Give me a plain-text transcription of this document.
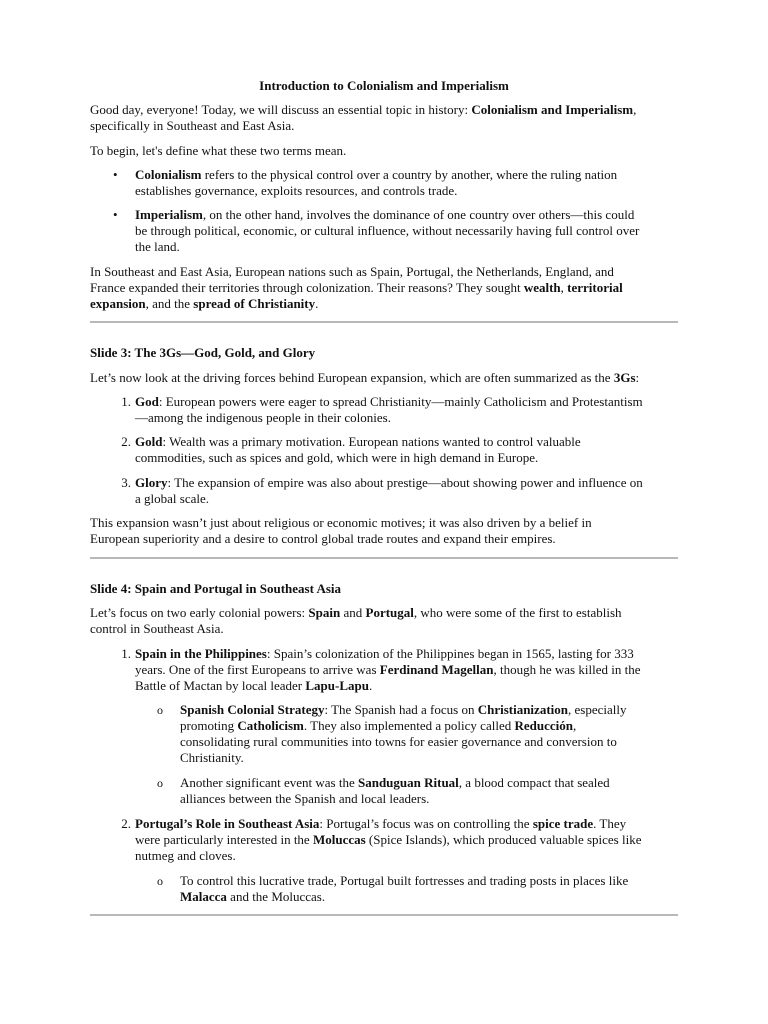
Introduction to Colonialism and Imperialism

Good day, everyone! Today, we will discuss an essential topic in history: Colonialism and Imperialism,
specifically in Southeast and East Asia.

To begin, let's define what these two terms mean.

• Colonialism refers to the physical control over a country by another, where the ruling nation
establishes governance, exploits resources, and controls trade.

• Imperialism, on the other hand, involves the dominance of one country over others—this could
be through political, economic, or cultural influence, without necessarily having full control over
the land.

In Southeast and East Asia, European nations such as Spain, Portugal, the Netherlands, England, and
France expanded their territories through colonization. Their reasons? They sought wealth, territorial
expansion, and the spread of Christianity.

Slide 3: The 3Gs—God, Gold, and Glory

Let’s now look at the driving forces behind European expansion, which are often summarized as the 3Gs:

1. God: European powers were eager to spread Christianity—mainly Catholicism and Protestantism
—among the indigenous people in their colonies.

2. Gold: Wealth was a primary motivation. European nations wanted to control valuable
commodities, such as spices and gold, which were in high demand in Europe.

3. Glory: The expansion of empire was also about prestige—about showing power and influence on
a global scale.

This expansion wasn’t just about religious or economic motives; it was also driven by a belief in
European superiority and a desire to control global trade routes and expand their empires.

Slide 4: Spain and Portugal in Southeast Asia

Let’s focus on two early colonial powers: Spain and Portugal, who were some of the first to establish
control in Southeast Asia.

1. Spain in the Philippines: Spain’s colonization of the Philippines began in 1565, lasting for 333
years. One of the first Europeans to arrive was Ferdinand Magellan, though he was killed in the
Battle of Mactan by local leader Lapu-Lapu.

o Spanish Colonial Strategy: The Spanish had a focus on Christianization, especially
promoting Catholicism. They also implemented a policy called Reducción,
consolidating rural communities into towns for easier governance and conversion to
Christianity.

o Another significant event was the Sanduguan Ritual, a blood compact that sealed
alliances between the Spanish and local leaders.

2. Portugal’s Role in Southeast Asia: Portugal’s focus was on controlling the spice trade. They
were particularly interested in the Moluccas (Spice Islands), which produced valuable spices like
nutmeg and cloves.

o To control this lucrative trade, Portugal built fortresses and trading posts in places like
Malacca and the Moluccas.
